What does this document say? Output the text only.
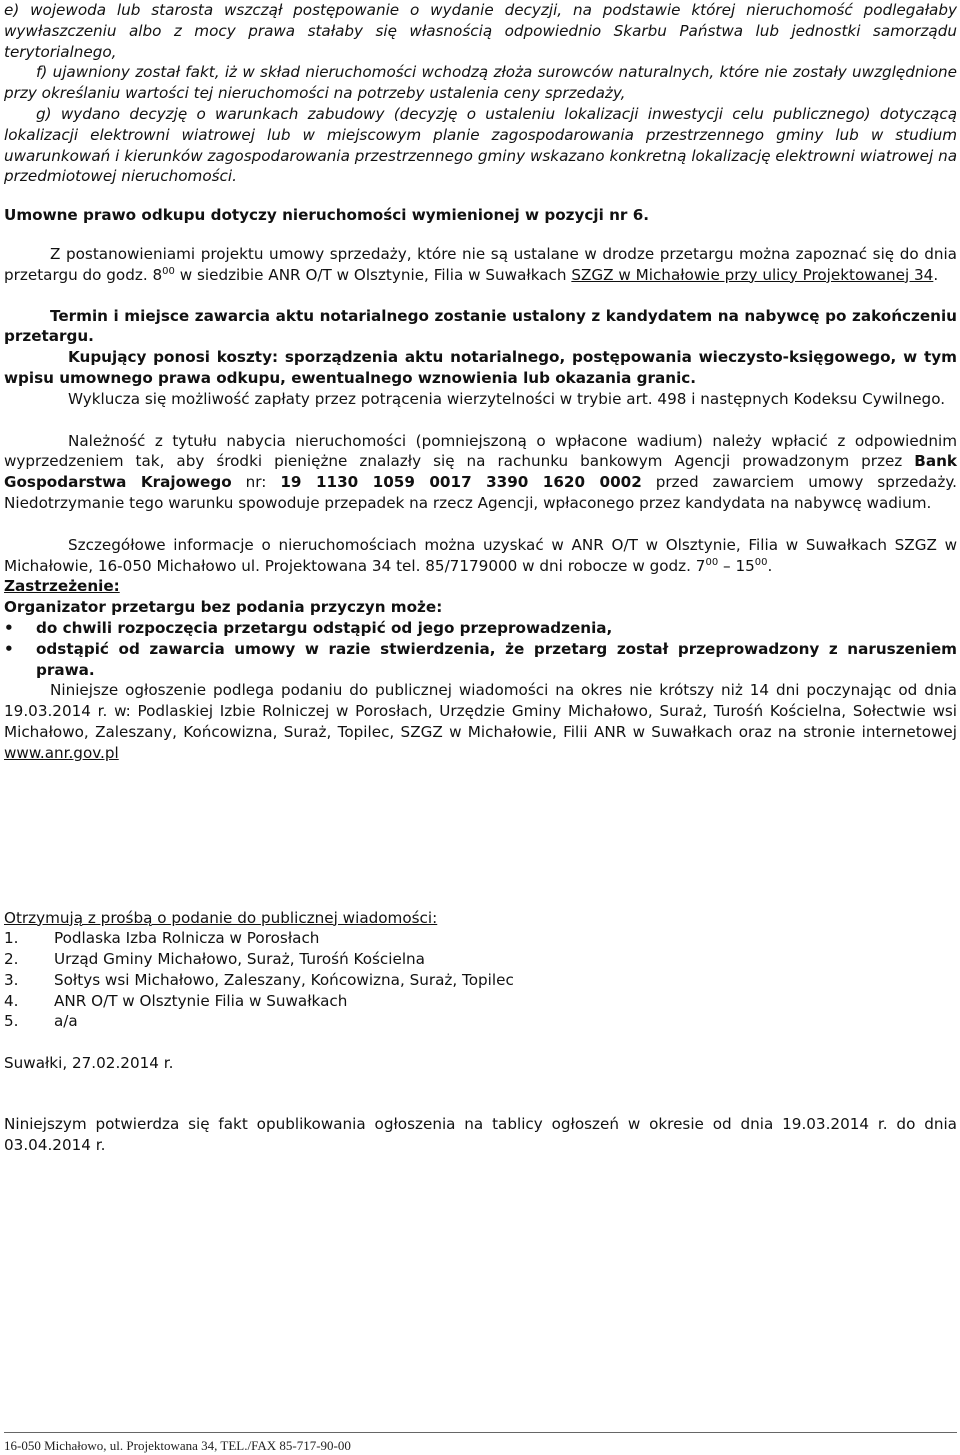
e) wojewoda lub starosta wszczął postępowanie o wydanie decyzji, na podstawie której nieruchomość podlegałaby wywłaszczeniu albo z mocy prawa stałaby się własnością odpowiednio Skarbu Państwa lub jednostki samorządu terytorialnego,

f) ujawniony został fakt, iż w skład nieruchomości wchodzą złoża surowców naturalnych, które nie zostały uwzględnione przy określaniu wartości tej nieruchomości na potrzeby ustalenia ceny sprzedaży,

g) wydano decyzję o warunkach zabudowy (decyzję o ustaleniu lokalizacji inwestycji celu publicznego) dotyczącą lokalizacji elektrowni wiatrowej lub w miejscowym planie zagospodarowania przestrzennego gminy lub w studium uwarunkowań i kierunków zagospodarowania przestrzennego gminy wskazano konkretną lokalizację elektrowni wiatrowej na przedmiotowej nieruchomości.

Umowne prawo odkupu dotyczy nieruchomości wymienionej w pozycji nr 6.

Z postanowieniami projektu umowy sprzedaży, które nie są ustalane w drodze przetargu można zapoznać się do dnia przetargu do godz. $8^{00}$ w siedzibie ANR O/T w Olsztynie, Filia w Suwałkach SZGZ w Michałowie przy ulicy Projektowanej 34.

Termin i miejsce zawarcia aktu notarialnego zostanie ustalony z kandydatem na nabywcę po zakończeniu przetargu.

Kupujący ponosi koszty: sporządzenia aktu notarialnego, postępowania wieczysto-księgowego, w tym wpisu umownego prawa odkupu, ewentualnego wznowienia lub okazania granic.

Wyklucza się możliwość zapłaty przez potrącenia wierzytelności w trybie art. 498 i następnych Kodeksu Cywilnego.

Należność z tytułu nabycia nieruchomości (pomniejszoną o wpłacone wadium) należy wpłacić z odpowiednim wyprzedzeniem tak, aby środki pieniężne znalazły się na rachunku bankowym Agencji prowadzonym przez Bank Gospodarstwa Krajowego nr: 19 1130 1059 0017 3390 1620 0002 przed zawarciem umowy sprzedaży. Niedotrzymanie tego warunku spowoduje przepadek na rzecz Agencji, wpłaconego przez kandydata na nabywcę wadium.

Szczegółowe informacje o nieruchomościach można uzyskać w ANR O/T w Olsztynie, Filia w Suwałkach SZGZ w Michałowie, 16-050 Michałowo ul. Projektowana 34 tel. 85/7179000 w dni robocze w godz. $7^{00} - 15^{00}$.

Zastrzeżenie:

Organizator przetargu bez podania przyczyn może:

• do chwili rozpoczęcia przetargu odstąpić od jego przeprowadzenia,
• odstąpić od zawarcia umowy w razie stwierdzenia, że przetarg został przeprowadzony z naruszeniem prawa.

Niniejsze ogłoszenie podlega podaniu do publicznej wiadomości na okres nie krótszy niż 14 dni poczynając od dnia 19.03.2014 r. w: Podlaskiej Izbie Rolniczej w Porosłach, Urzędzie Gminy Michałowo, Suraż, Turośń Kościelna, Sołectwie wsi Michałowo, Zaleszany, Końcowizna, Suraż, Topilec, SZGZ w Michałowie, Filii ANR w Suwałkach oraz na stronie internetowej www.anr.gov.pl

Otrzymują z prośbą o podanie do publicznej wiadomości:

1. Podlaska Izba Rolnicza w Porosłach
2. Urząd Gminy Michałowo, Suraż, Turośń Kościelna
3. Sołtys wsi Michałowo, Zaleszany, Końcowizna, Suraż, Topilec
4. ANR O/T w Olsztynie Filia w Suwałkach
5. a/a

Suwałki, 27.02.2014 r.

Niniejszym potwierdza się fakt opublikowania ogłoszenia na tablicy ogłoszeń w okresie od dnia 19.03.2014 r. do dnia 03.04.2014 r.

16-050 Michałowo, ul. Projektowana 34, TEL./FAX 85-717-90-00
